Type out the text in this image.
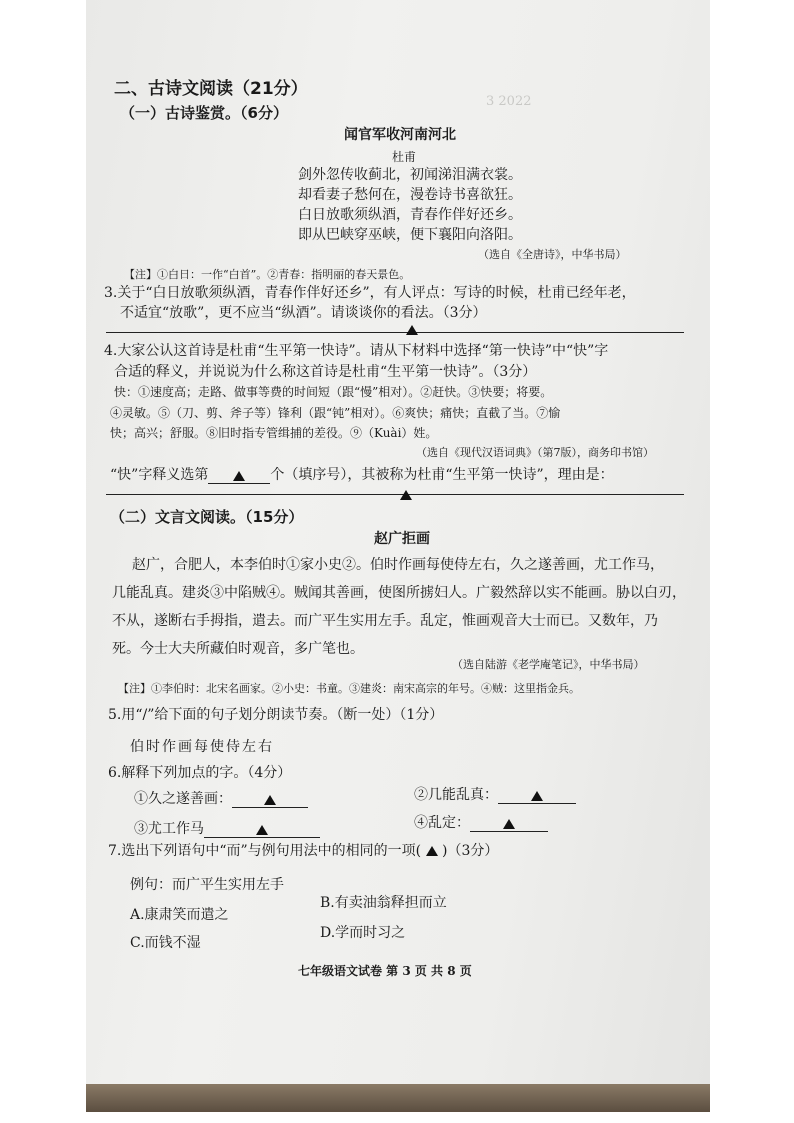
3 2022
二、古诗文阅读（21分）
（一）古诗鉴赏。（6分）
闻官军收河南河北
杜甫
剑外忽传收蓟北，初闻涕泪满衣裳。
却看妻子愁何在，漫卷诗书喜欲狂。
白日放歌须纵酒，青春作伴好还乡。
即从巴峡穿巫峡，便下襄阳向洛阳。
（选自《全唐诗》，中华书局）
【注】①白日：一作“白首”。②青春：指明丽的春天景色。
3.关于“白日放歌须纵酒，青春作伴好还乡”，有人评点：写诗的时候，杜甫已经年老，
不适宜“放歌”，更不应当“纵酒”。请谈谈你的看法。（3分）
4.大家公认这首诗是杜甫“生平第一快诗”。请从下材料中选择“第一快诗”中“快”字
合适的释义，并说说为什么称这首诗是杜甫“生平第一快诗”。（3分）
快：①速度高；走路、做事等费的时间短（跟“慢”相对）。②赶快。③快要；将要。
④灵敏。⑤（刀、剪、斧子等）锋利（跟“钝”相对）。⑥爽快；痛快；直截了当。⑦愉
快；高兴；舒服。⑧旧时指专管缉捕的差役。⑨（Kuài）姓。
（选自《现代汉语词典》（第7版），商务印书馆）
“快”字释义选第	个（填序号），其被称为杜甫“生平第一快诗”，理由是：
（二）文言文阅读。（15分）
赵广拒画
赵广，合肥人，本李伯时①家小史②。伯时作画每使侍左右，久之遂善画，尤工作马，
几能乱真。建炎③中陷贼④。贼闻其善画，使图所掳妇人。广毅然辞以实不能画。胁以白刃，
不从，遂断右手拇指，遣去。而广平生实用左手。乱定，惟画观音大士而已。又数年，乃
死。今士大夫所藏伯时观音，多广笔也。
（选自陆游《老学庵笔记》，中华书局）
【注】①李伯时：北宋名画家。②小史：书童。③建炎：南宋高宗的年号。④贼：这里指金兵。
5.用“/”给下面的句子划分朗读节奏。（断一处）（1分）
伯时作画每使侍左右
6.解释下列加点的字。（4分）
①久之遂善画：	②几能乱真：
③尤工作马	④乱定：
7.选出下列语句中“而”与例句用法中的相同的一项( )（3分）
例句：而广平生实用左手
A.康肃笑而遣之
B.有卖油翁释担而立
C.而钱不湿
D.学而时习之
七年级语文试卷 第 3 页 共 8 页
